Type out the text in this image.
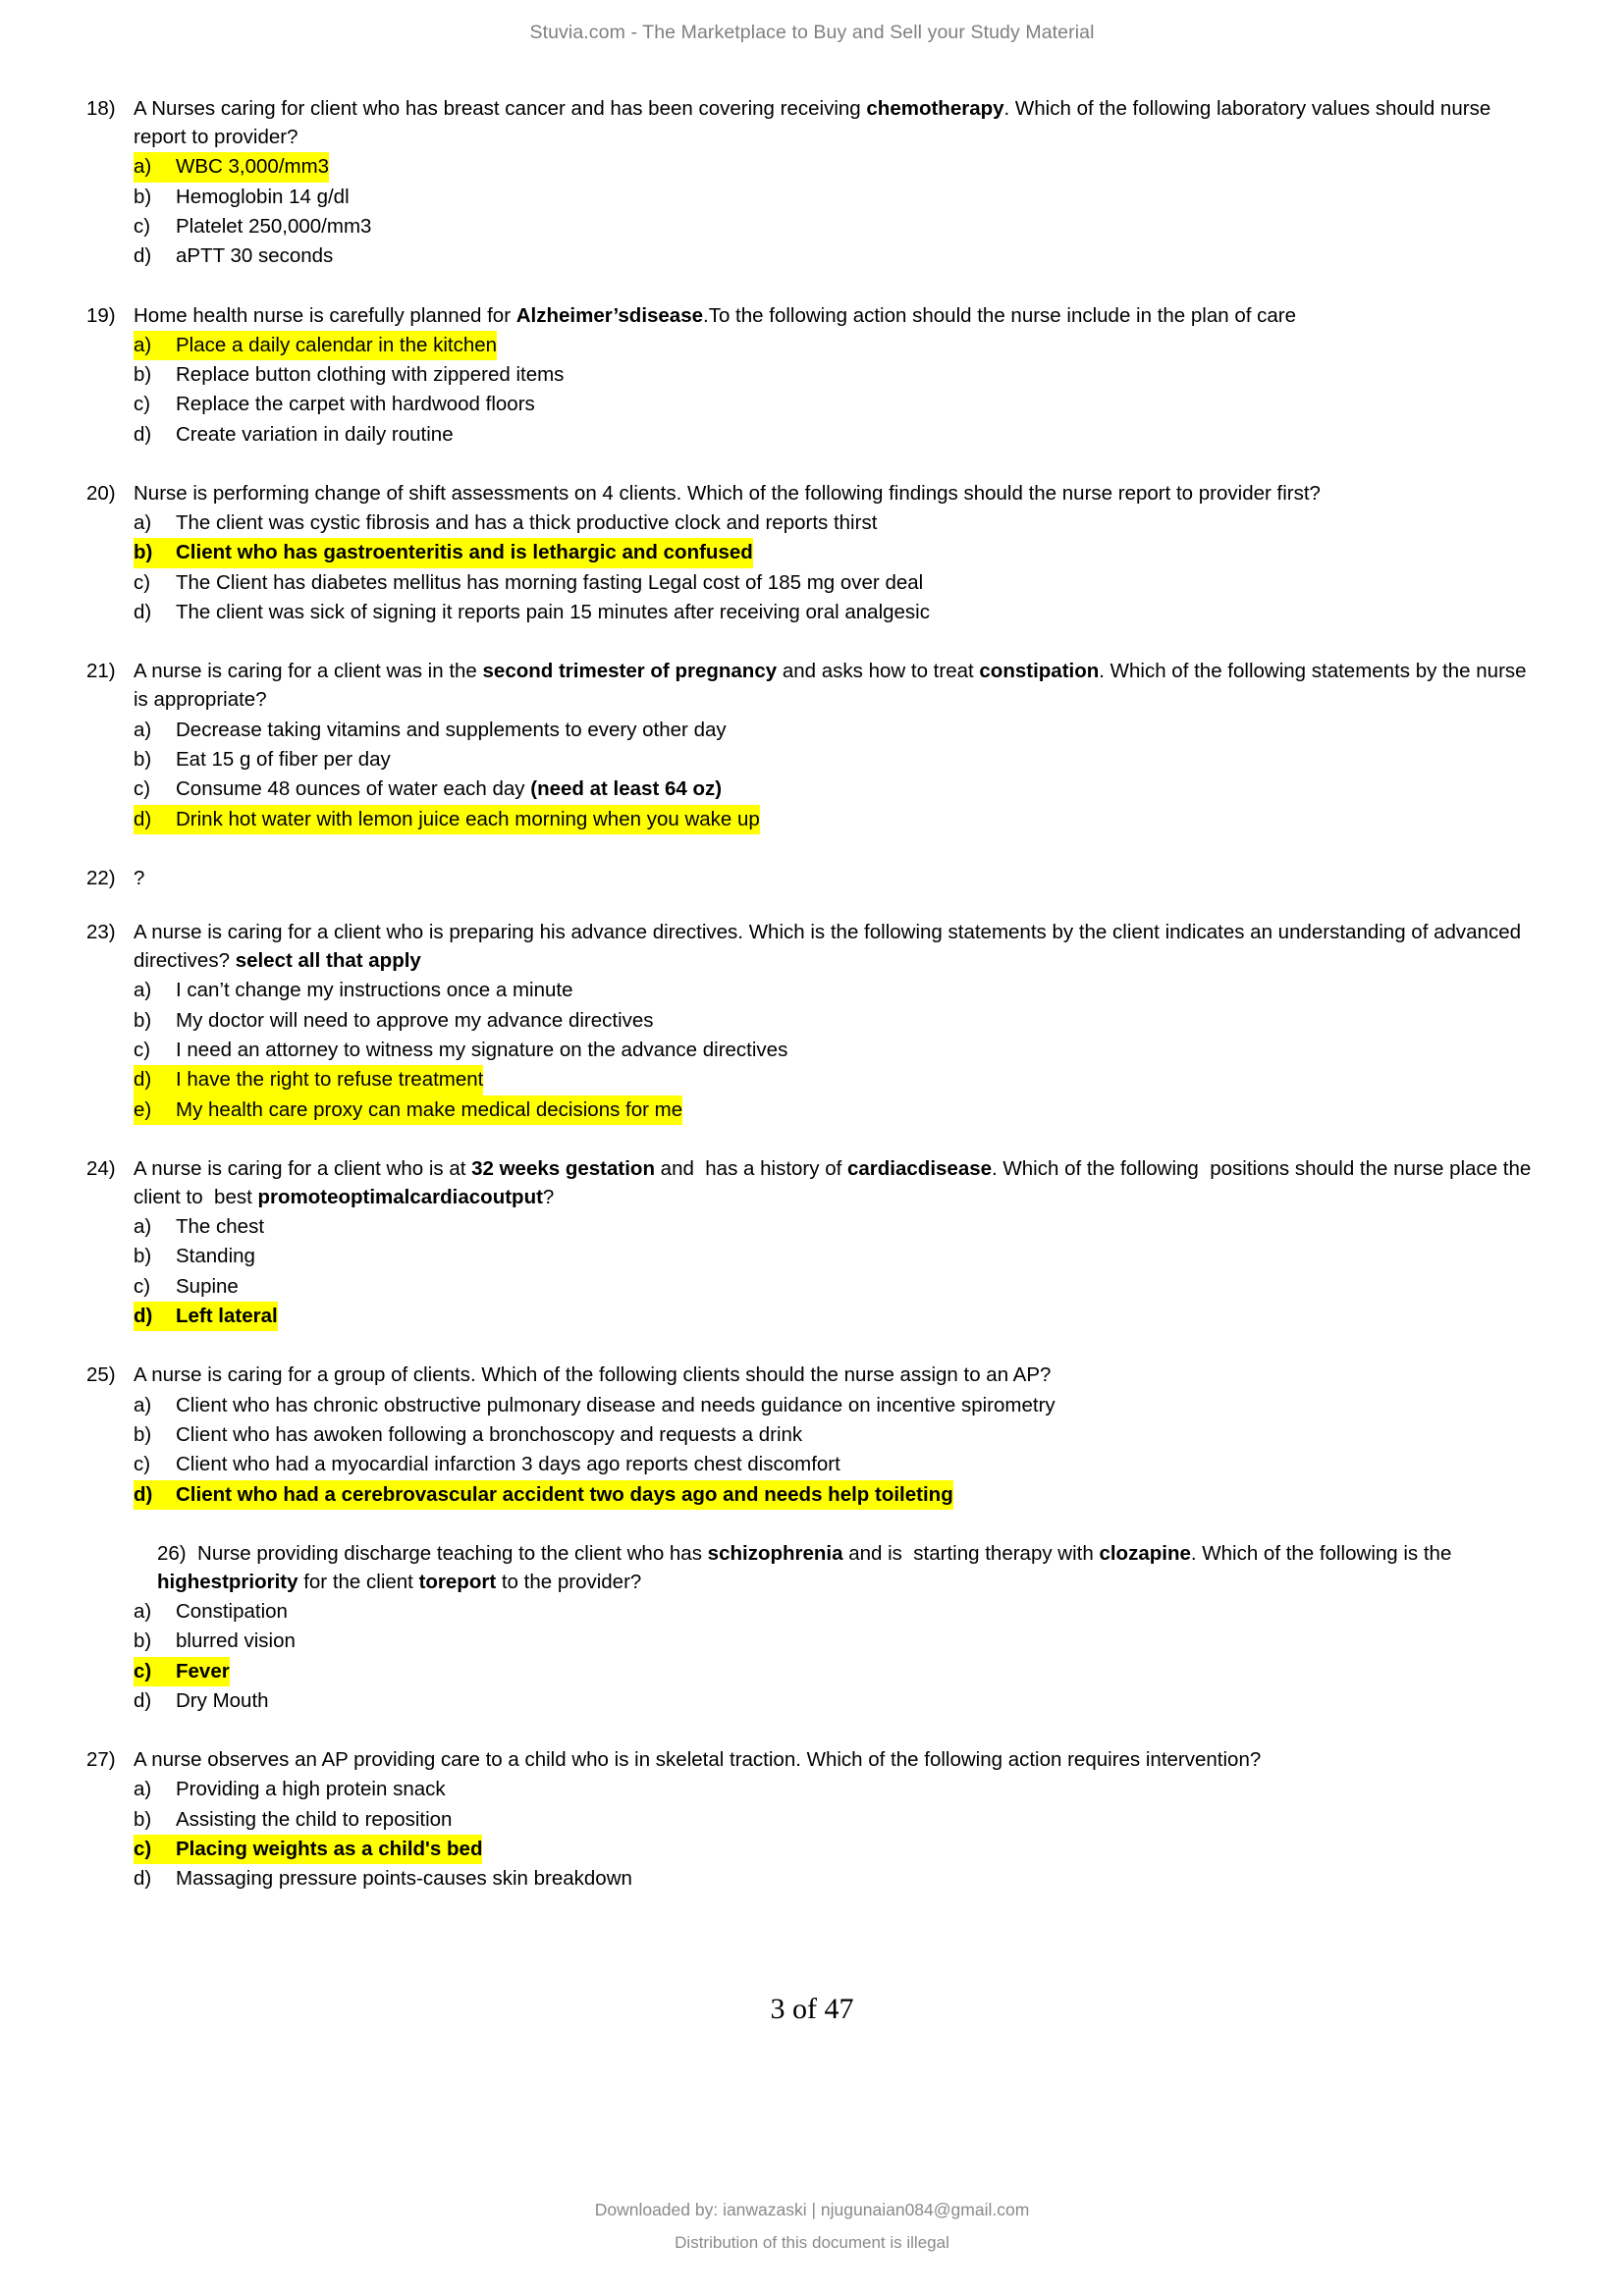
Stuvia.com - The Marketplace to Buy and Sell your Study Material
18) A Nurses caring for client who has breast cancer and has been covering receiving chemotherapy. Which of the following laboratory values should nurse report to provider?
a)	WBC 3,000/mm3
b)	Hemoglobin 14 g/dl
c)	Platelet 250,000/mm3
d)	aPTT 30 seconds
19) Home health nurse is carefully planned for Alzheimer’sdisease.To the following action should the nurse include in the plan of care
a)	Place a daily calendar in the kitchen
b)	Replace button clothing with zippered items
c)	Replace the carpet with hardwood floors
d)	Create variation in daily routine
20) Nurse is performing change of shift assessments on 4 clients. Which of the following findings should the nurse report to provider first?
a)	The client was cystic fibrosis and has a thick productive clock and reports thirst
b)	Client who has gastroenteritis and is lethargic and confused
c)	The Client has diabetes mellitus has morning fasting Legal cost of 185 mg over deal
d)	The client was sick of signing it reports pain 15 minutes after receiving oral analgesic
21) A nurse is caring for a client was in the second trimester of pregnancy and asks how to treat constipation. Which of the following statements by the nurse is appropriate?
a)	Decrease taking vitamins and supplements to every other day
b)	Eat 15 g of fiber per day
c)	Consume 48 ounces of water each day (need at least 64 oz)
d)	Drink hot water with lemon juice each morning when you wake up
22) ?
23) A nurse is caring for a client who is preparing his advance directives. Which is the following statements by the client indicates an understanding of advanced directives? select all that apply
a)	I can’t change my instructions once a minute
b)	My doctor will need to approve my advance directives
c)	I need an attorney to witness my signature on the advance directives
d)	I have the right to refuse treatment
e)	My health care proxy can make medical decisions for me
24) A nurse is caring for a client who is at 32 weeks gestation and  has a history of cardiacdisease. Which of the following  positions should the nurse place the client to  best promoteoptimalcardiacoutput?
a)	The chest
b)	Standing
c)	Supine
d)	Left lateral
25) A nurse is caring for a group of clients. Which of the following clients should the nurse assign to an AP?
a)	Client who has chronic obstructive pulmonary disease and needs guidance on incentive spirometry
b)	Client who has awoken following a bronchoscopy and requests a drink
c)	Client who had a myocardial infarction 3 days ago reports chest discomfort
d)	Client who had a cerebrovascular accident two days ago and needs help toileting
26)  Nurse providing discharge teaching to the client who has schizophrenia and is  starting therapy with clozapine. Which of the following is the highestpriority for the client toreport to the provider?
a)	Constipation
b)	blurred vision
c)	Fever
d)	Dry Mouth
27) A nurse observes an AP providing care to a child who is in skeletal traction. Which of the following action requires intervention?
a)	Providing a high protein snack
b)	Assisting the child to reposition
c)	Placing weights as a child's bed
d)	Massaging pressure points-causes skin breakdown
3 of 47
Downloaded by: ianwazaski | njugunaian084@gmail.com
Distribution of this document is illegal
